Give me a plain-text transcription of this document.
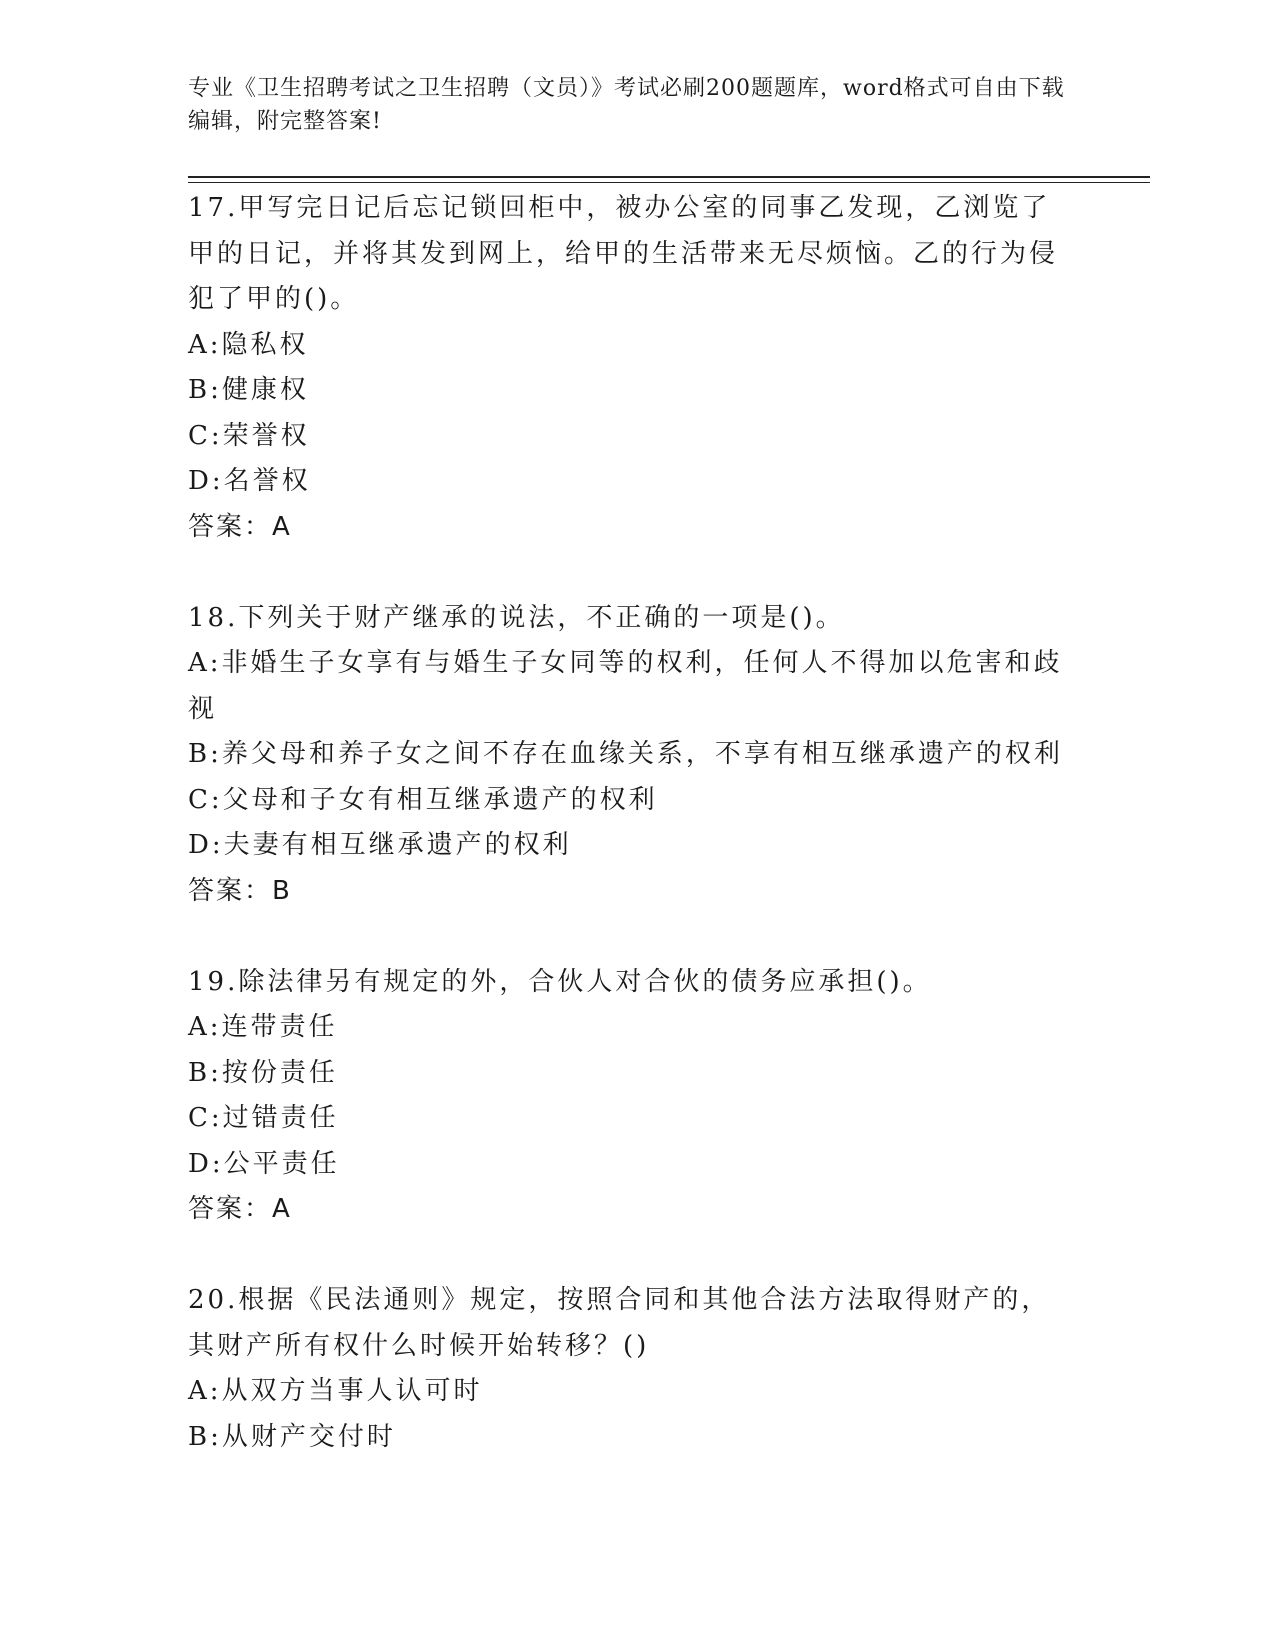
专业《卫生招聘考试之卫生招聘（文员）》考试必刷200题题库，word格式可自由下载编辑，附完整答案!

17.甲写完日记后忘记锁回柜中，被办公室的同事乙发现，乙浏览了甲的日记，并将其发到网上，给甲的生活带来无尽烦恼。乙的行为侵犯了甲的()。

A:隐私权

B:健康权

C:荣誉权

D:名誉权

答案：A

18.下列关于财产继承的说法，不正确的一项是()。

A:非婚生子女享有与婚生子女同等的权利，任何人不得加以危害和歧视

B:养父母和养子女之间不存在血缘关系，不享有相互继承遗产的权利

C:父母和子女有相互继承遗产的权利

D:夫妻有相互继承遗产的权利

答案：B

19.除法律另有规定的外，合伙人对合伙的债务应承担()。

A:连带责任

B:按份责任

C:过错责任

D:公平责任

答案：A

20.根据《民法通则》规定，按照合同和其他合法方法取得财产的，其财产所有权什么时候开始转移？()

A:从双方当事人认可时

B:从财产交付时
